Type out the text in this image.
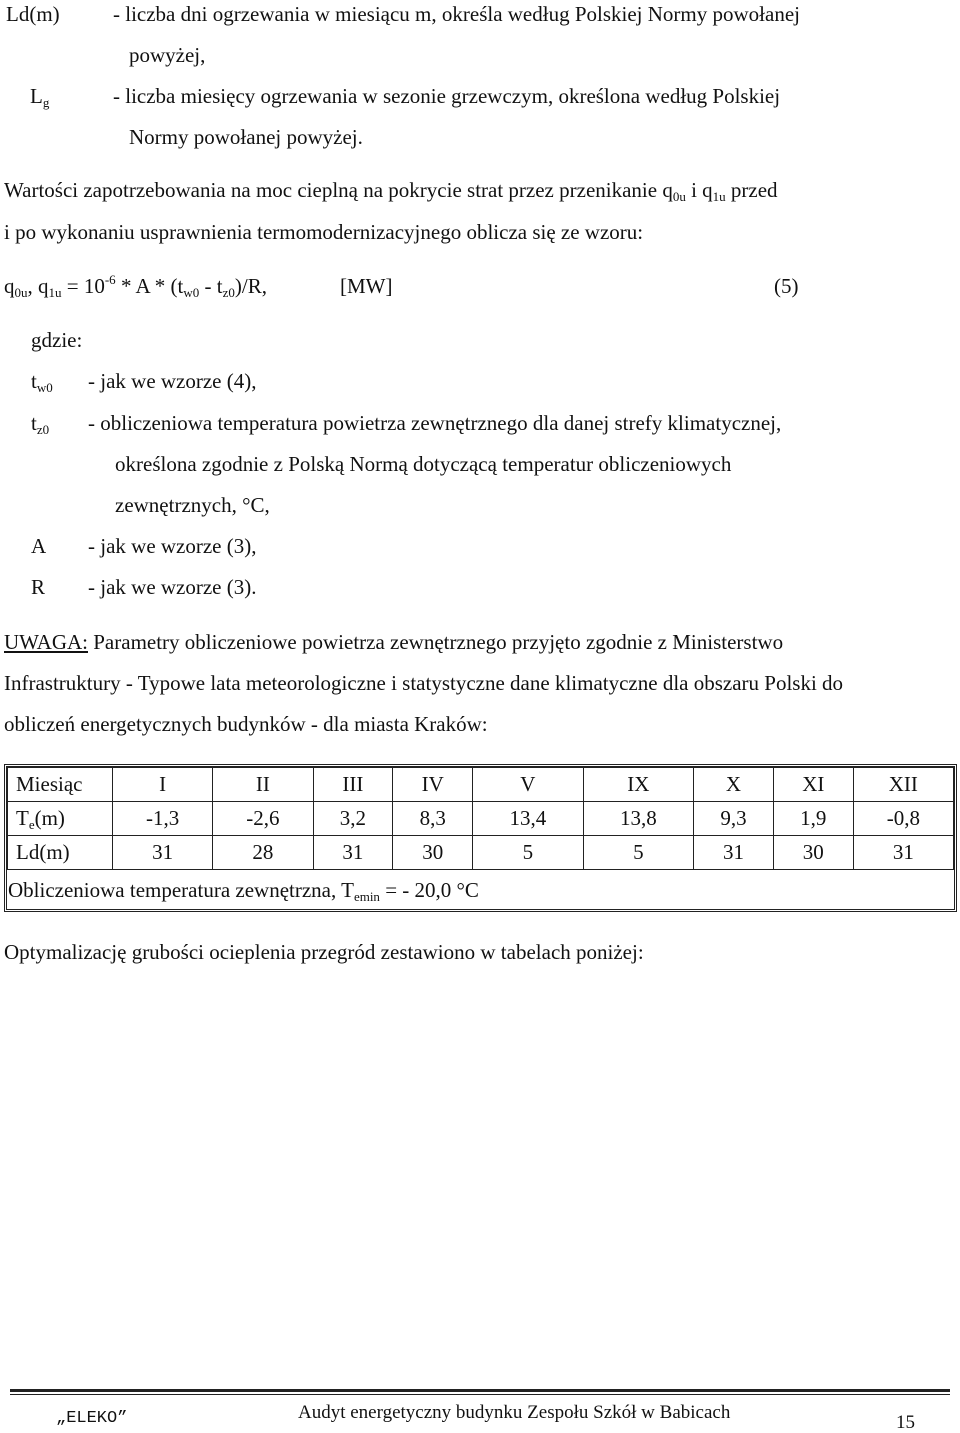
Ld(m)	- liczba dni ogrzewania w miesiącu m, określa według Polskiej Normy powołanej
powyżej,
$L_g$	- liczba miesięcy ogrzewania w sezonie grzewczym, określona według Polskiej
Normy powołanej powyżej.
Wartości zapotrzebowania na moc cieplną na pokrycie strat przez przenikanie $q_{0u}$ i $q_{1u}$ przed
i po wykonaniu usprawnienia termomodernizacyjnego oblicza się ze wzoru:
$q_{0u}$, $q_{1u} = 10^{-6} * A * (t_{w0} - t_{z0})/R$,	[MW]	(5)
gdzie:
$t_{w0}$ - jak we wzorze (4),
$t_{z0}$ - obliczeniowa temperatura powietrza zewnętrznego dla danej strefy klimatycznej,
określona zgodnie z Polską Normą dotyczącą temperatur obliczeniowych
zewnętrznych, °C,
A - jak we wzorze (3),
R - jak we wzorze (3).
UWAGA: Parametry obliczeniowe powietrza zewnętrznego przyjęto zgodnie z Ministerstwo
Infrastruktury - Typowe lata meteorologiczne i statystyczne dane klimatyczne dla obszaru Polski do
obliczeń energetycznych budynków - dla miasta Kraków:
Miesiąc	I	II	III	IV	V	IX	X	XI	XII
$T_e(m)$	-1,3	-2,6	3,2	8,3	13,4	13,8	9,3	1,9	-0,8
Ld(m)	31	28	31	30	5	5	31	30	31
Obliczeniowa temperatura zewnętrzna, $T_{emin}$ = - 20,0 °C
Optymalizację grubości ocieplenia przegród zestawiono w tabelach poniżej:
„ELEKO”	Audyt energetyczny budynku Zespołu Szkół w Babicach	15
